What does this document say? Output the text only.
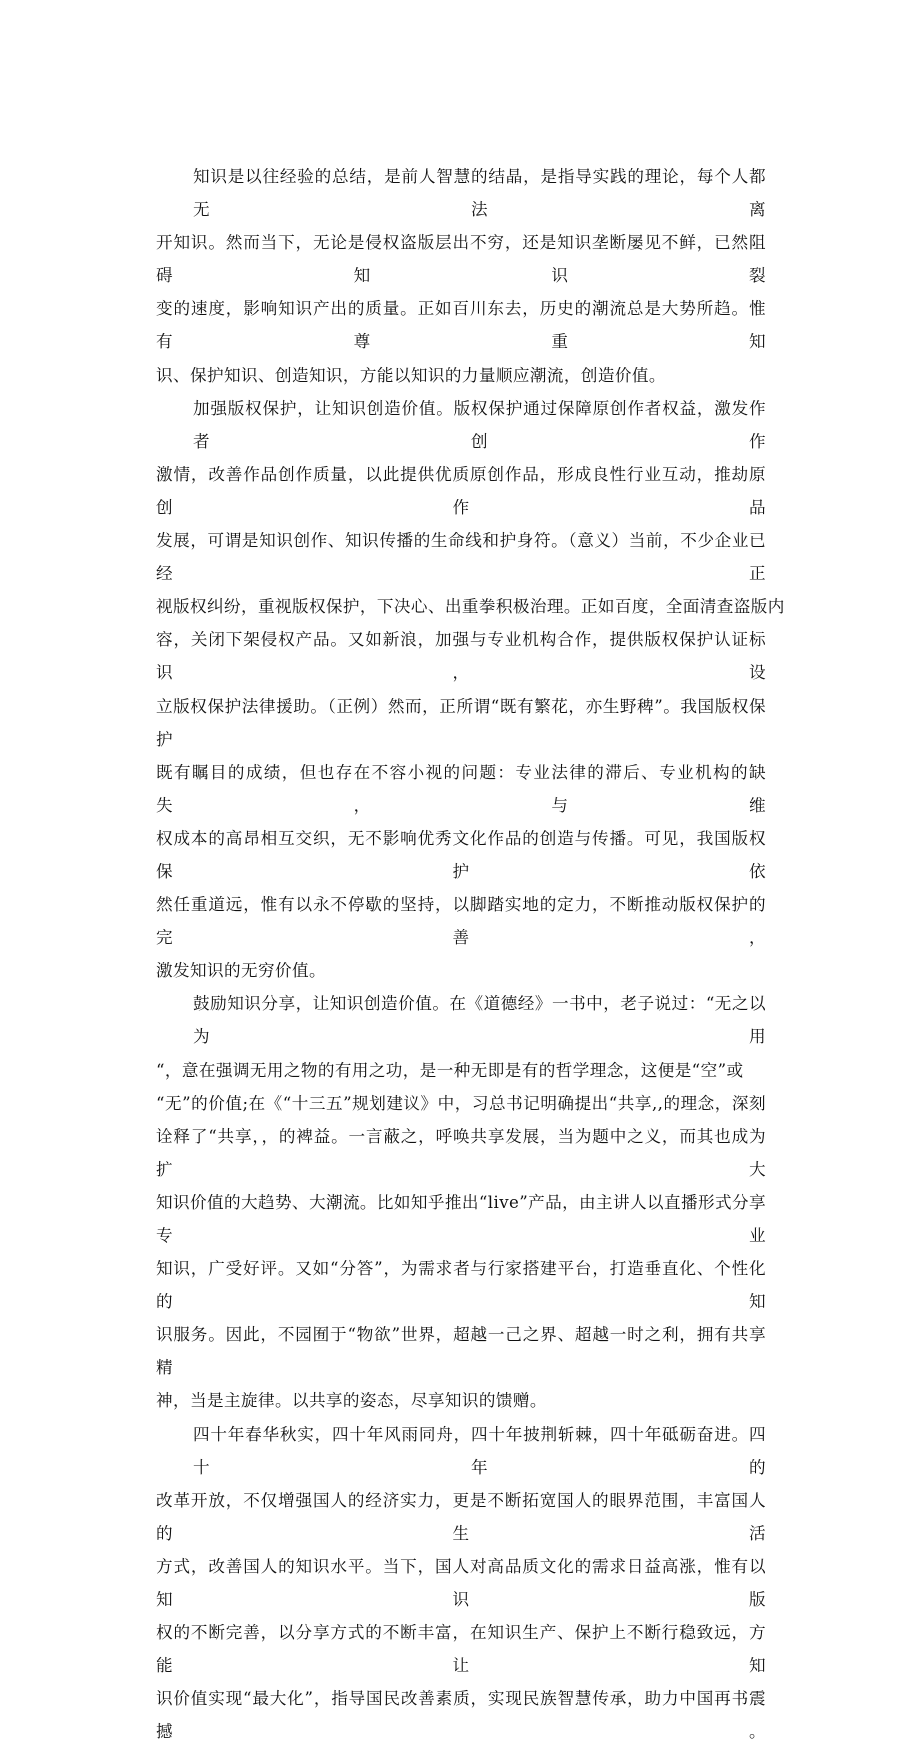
知识是以往经验的总结，是前人智慧的结晶，是指导实践的理论，每个人都无法离
开知识。然而当下，无论是侵权盗版层出不穷，还是知识垄断屡见不鲜，已然阻碍知识裂
变的速度，影响知识产出的质量。正如百川东去，历史的潮流总是大势所趋。惟有尊重知
识、保护知识、创造知识，方能以知识的力量顺应潮流，创造价值。
加强版权保护，让知识创造价值。版权保护通过保障原创作者权益，激发作者创作
激情，改善作品创作质量，以此提供优质原创作品，形成良性行业互动，推劫原创作品
发展，可谓是知识创作、知识传播的生命线和护身符。（意义）当前，不少企业已经正
视版权纠纷，重视版权保护，下决心、出重拳积极治理。正如百度，全面清查盗版内
容，关闭下架侵权产品。又如新浪，加强与专业机构合作，提供版权保护认证标识，设
立版权保护法律援助。（正例）然而，正所谓“既有繁花，亦生野稗”。我国版权保护
既有瞩目的成绩，但也存在不容小视的问题：专业法律的滞后、专业机构的缺失，与维
权成本的高昂相互交织，无不影响优秀文化作品的创造与传播。可见，我国版权保护依
然任重道远，惟有以永不停歇的坚持，以脚踏实地的定力，不断推动版权保护的完善，
激发知识的无穷价值。
鼓励知识分享，让知识创造价值。在《道德经》一书中，老子说过：“无之以为用
“，意在强调无用之物的有用之功，是一种无即是有的哲学理念，这便是“空”或
“无”的价值;在《“十三五”规划建议》中，习总书记明确提出“共享,,的理念，深刻
诠释了“共享，，的裨益。一言蔽之，呼唤共享发展，当为题中之义，而其也成为扩大
知识价值的大趋势、大潮流。比如知乎推出“live”产品，由主讲人以直播形式分享专业
知识，广受好评。又如“分答”，为需求者与行家搭建平台，打造垂直化、个性化的知
识服务。因此，不园囿于“物欲”世界，超越一己之界、超越一时之利，拥有共享精
神，当是主旋律。以共享的姿态，尽享知识的馈赠。
四十年春华秋实，四十年风雨同舟，四十年披荆斩棘，四十年砥砺奋进。四十年的
改革开放，不仅增强国人的经济实力，更是不断拓宽国人的眼界范围，丰富国人的生活
方式，改善国人的知识水平。当下，国人对高品质文化的需求日益高涨，惟有以知识版
权的不断完善，以分享方式的不断丰富，在知识生产、保护上不断行稳致远，方能让知
识价值实现“最大化”，指导国民改善素质，实现民族智慧传承，助力中国再书震撼。
